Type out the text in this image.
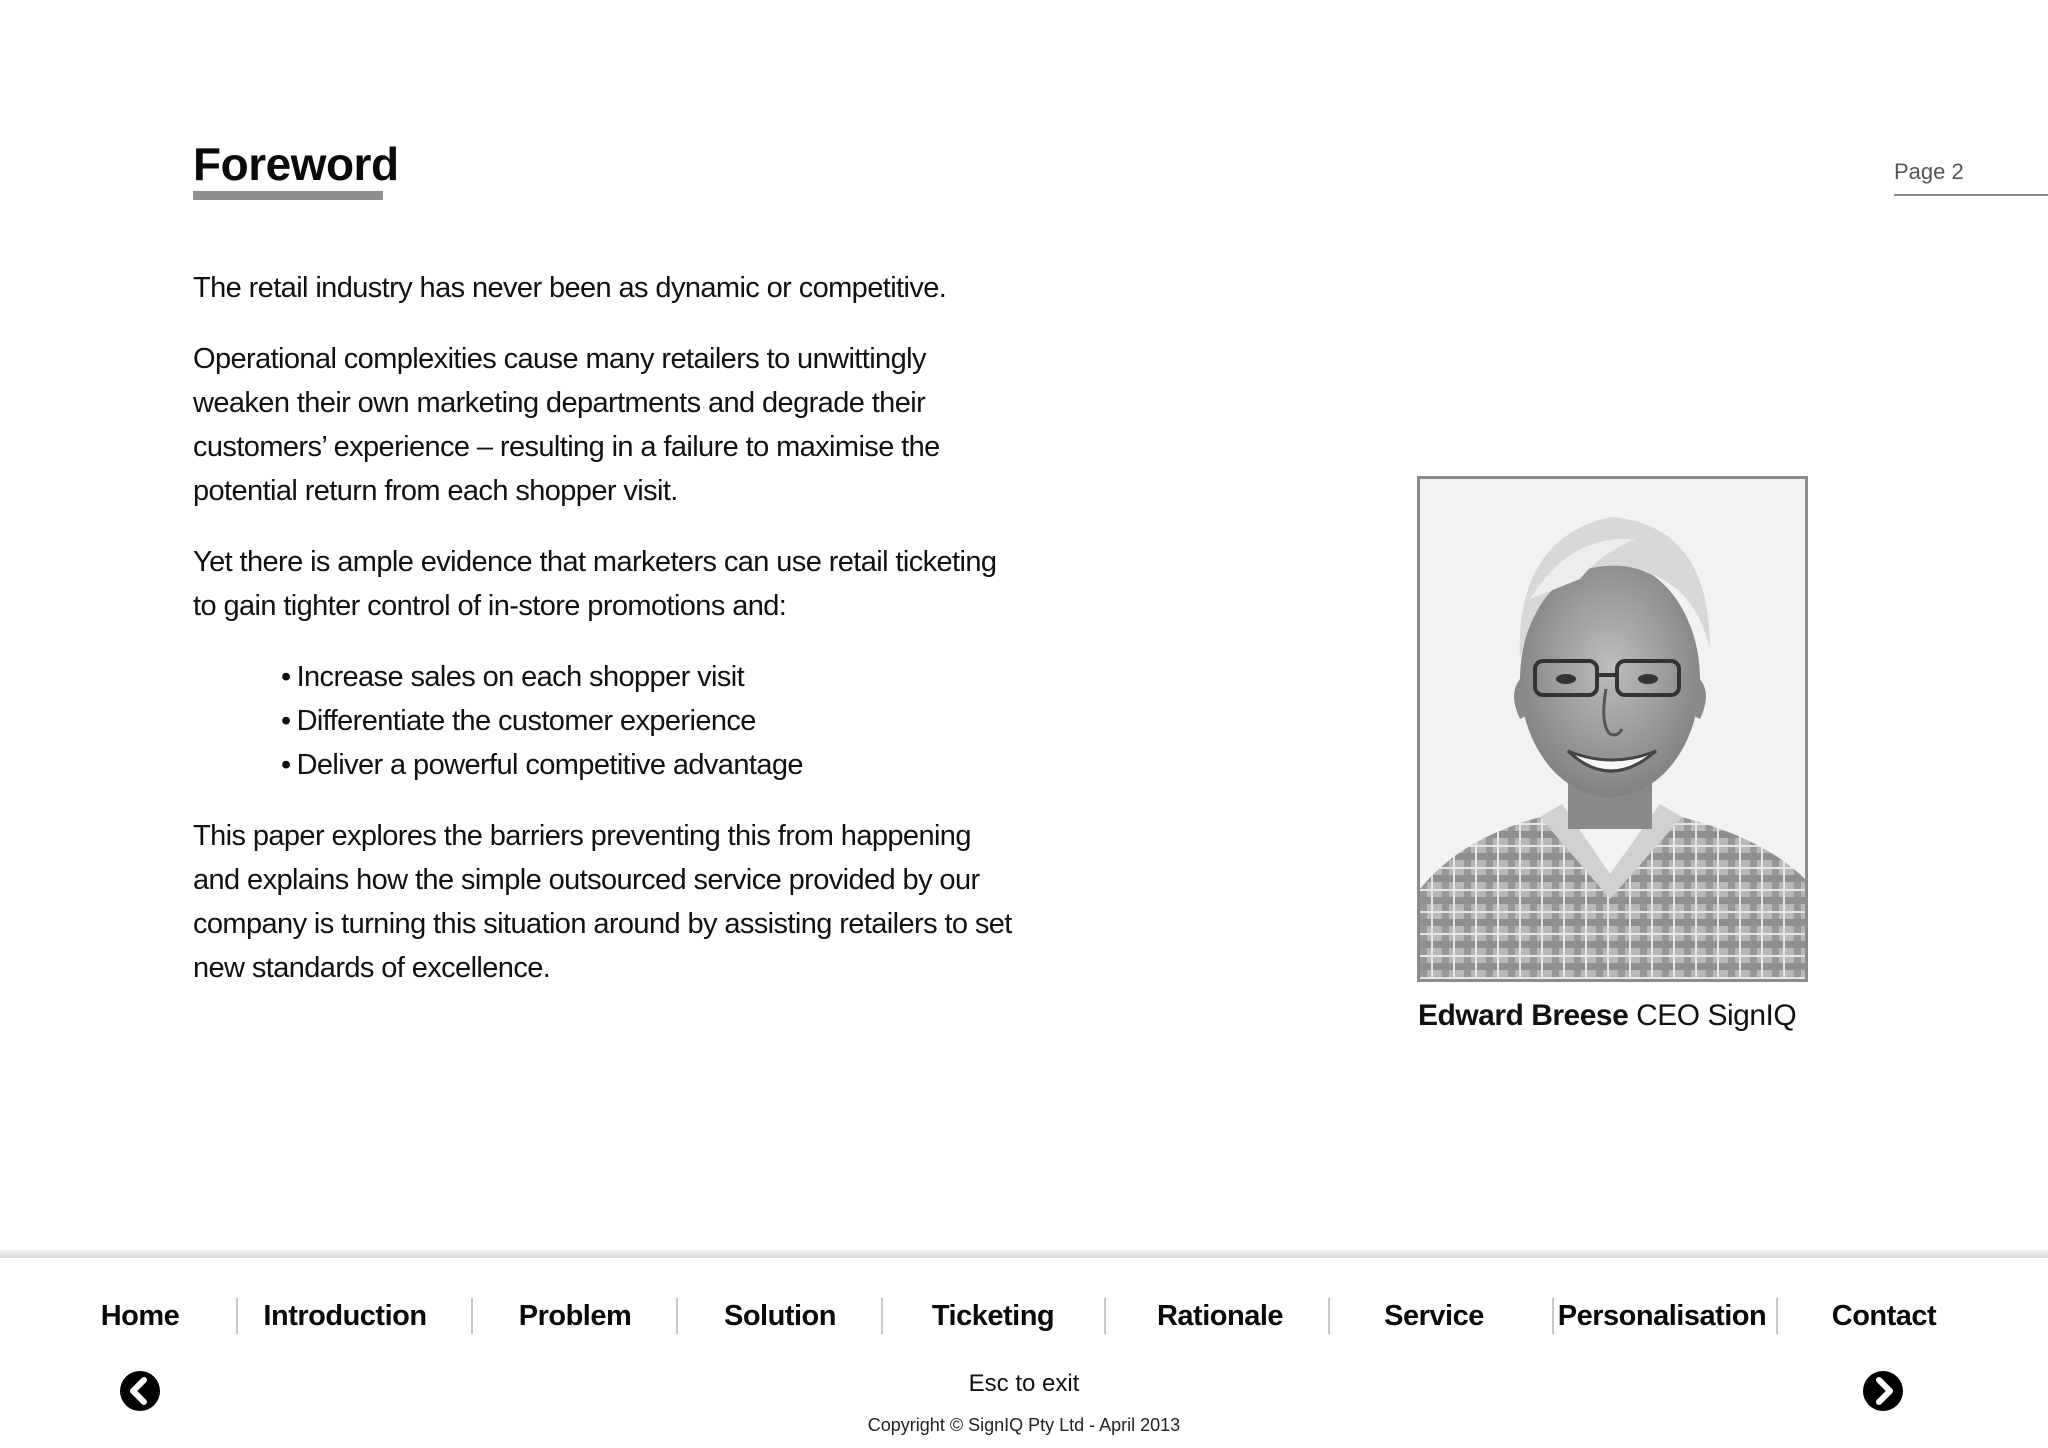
Foreword	Page 2

The retail industry has never been as dynamic or competitive.

Operational complexities cause many retailers to unwittingly weaken their own marketing departments and degrade their customers’ experience – resulting in a failure to maximise the potential return from each shopper visit.

Yet there is ample evidence that marketers can use retail ticketing to gain tighter control of in-store promotions and:

• Increase sales on each shopper visit
• Differentiate the customer experience
• Deliver a powerful competitive advantage

This paper explores the barriers preventing this from happening and explains how the simple outsourced service provided by our company is turning this situation around by assisting retailers to set new standards of excellence.

Edward Breese CEO SignIQ
Home	Introduction	Problem	Solution	Ticketing	Rationale	Service	Personalisation	Contact
Esc to exit
Copyright © SignIQ Pty Ltd - April 2013
